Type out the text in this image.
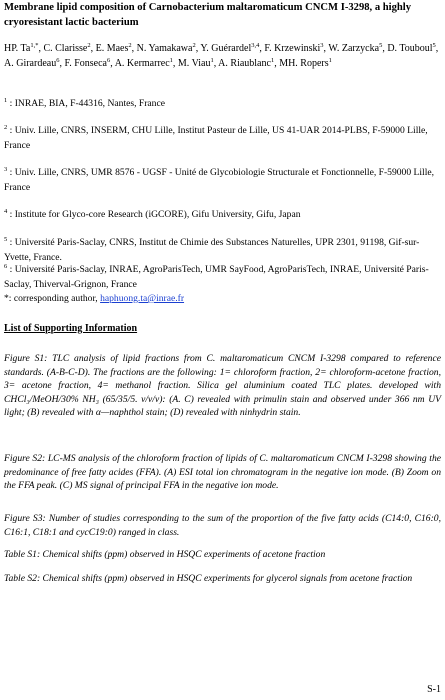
Membrane lipid composition of Carnobacterium maltaromaticum CNCM I-3298, a highly cryoresistant lactic bacterium

HP. $Ta^{1,*}$, C. Clarisse$^2$, E. Maes$^2$, N. Yamakawa$^2$, Y. Guérardel$^{3,4}$, F. Krzewinski$^3$, W. Zarzycka$^5$, D. Touboul$^5$, A. Girardeau$^6$, F. Fonseca$^6$, A. Kermarrec$^1$, M. Viau$^1$, A. Riaublanc$^1$, MH. Ropers$^1$

$^1$ : INRAE, BIA, F-44316, Nantes, France

$^2$ : Univ. Lille, CNRS, INSERM, CHU Lille, Institut Pasteur de Lille, US 41-UAR 2014-PLBS, F-59000 Lille, France

$^3$ : Univ. Lille, CNRS, UMR 8576 - UGSF - Unité de Glycobiologie Structurale et Fonctionnelle, F-59000 Lille, France

$^4$ : Institute for Glyco-core Research (iGCORE), Gifu University, Gifu, Japan

$^5$ : Université Paris-Saclay, CNRS, Institut de Chimie des Substances Naturelles, UPR 2301, 91198, Gif-sur-Yvette, France.

$^6$ : Université Paris-Saclay, INRAE, AgroParisTech, UMR SayFood, AgroParisTech, INRAE, Université Paris-Saclay, Thiverval-Grignon, France

*: corresponding author, haphuong.ta@inrae.fr

List of Supporting Information

Figure S1: TLC analysis of lipid fractions from C. maltaromaticum CNCM I-3298 compared to reference standards. (A-B-C-D). The fractions are the following: 1= chloroform fraction, 2= chloroform-acetone fraction, 3= acetone fraction, 4= methanol fraction. Silica gel aluminium coated TLC plates. developed with CHCl₃/MeOH/30% NH₃ (65/35/5. v/v/v): (A. C) revealed with primulin stain and observed under 366 nm UV light; (B) revealed with α—naphthol stain; (D) revealed with ninhydrin stain.

Figure S2: LC-MS analysis of the chloroform fraction of lipids of C. maltaromaticum CNCM I-3298 showing the predominance of free fatty acides (FFA). (A) ESI total ion chromatogram in the negative ion mode. (B) Zoom on the FFA peak. (C) MS signal of principal FFA in the negative ion mode.

Figure S3: Number of studies corresponding to the sum of the proportion of the five fatty acids (C14:0, C16:0, C16:1, C18:1 and cycC19:0) ranged in class.

Table S1: Chemical shifts (ppm) observed in HSQC experiments of acetone fraction

Table S2: Chemical shifts (ppm) observed in HSQC experiments for glycerol signals from acetone fraction

S-1
